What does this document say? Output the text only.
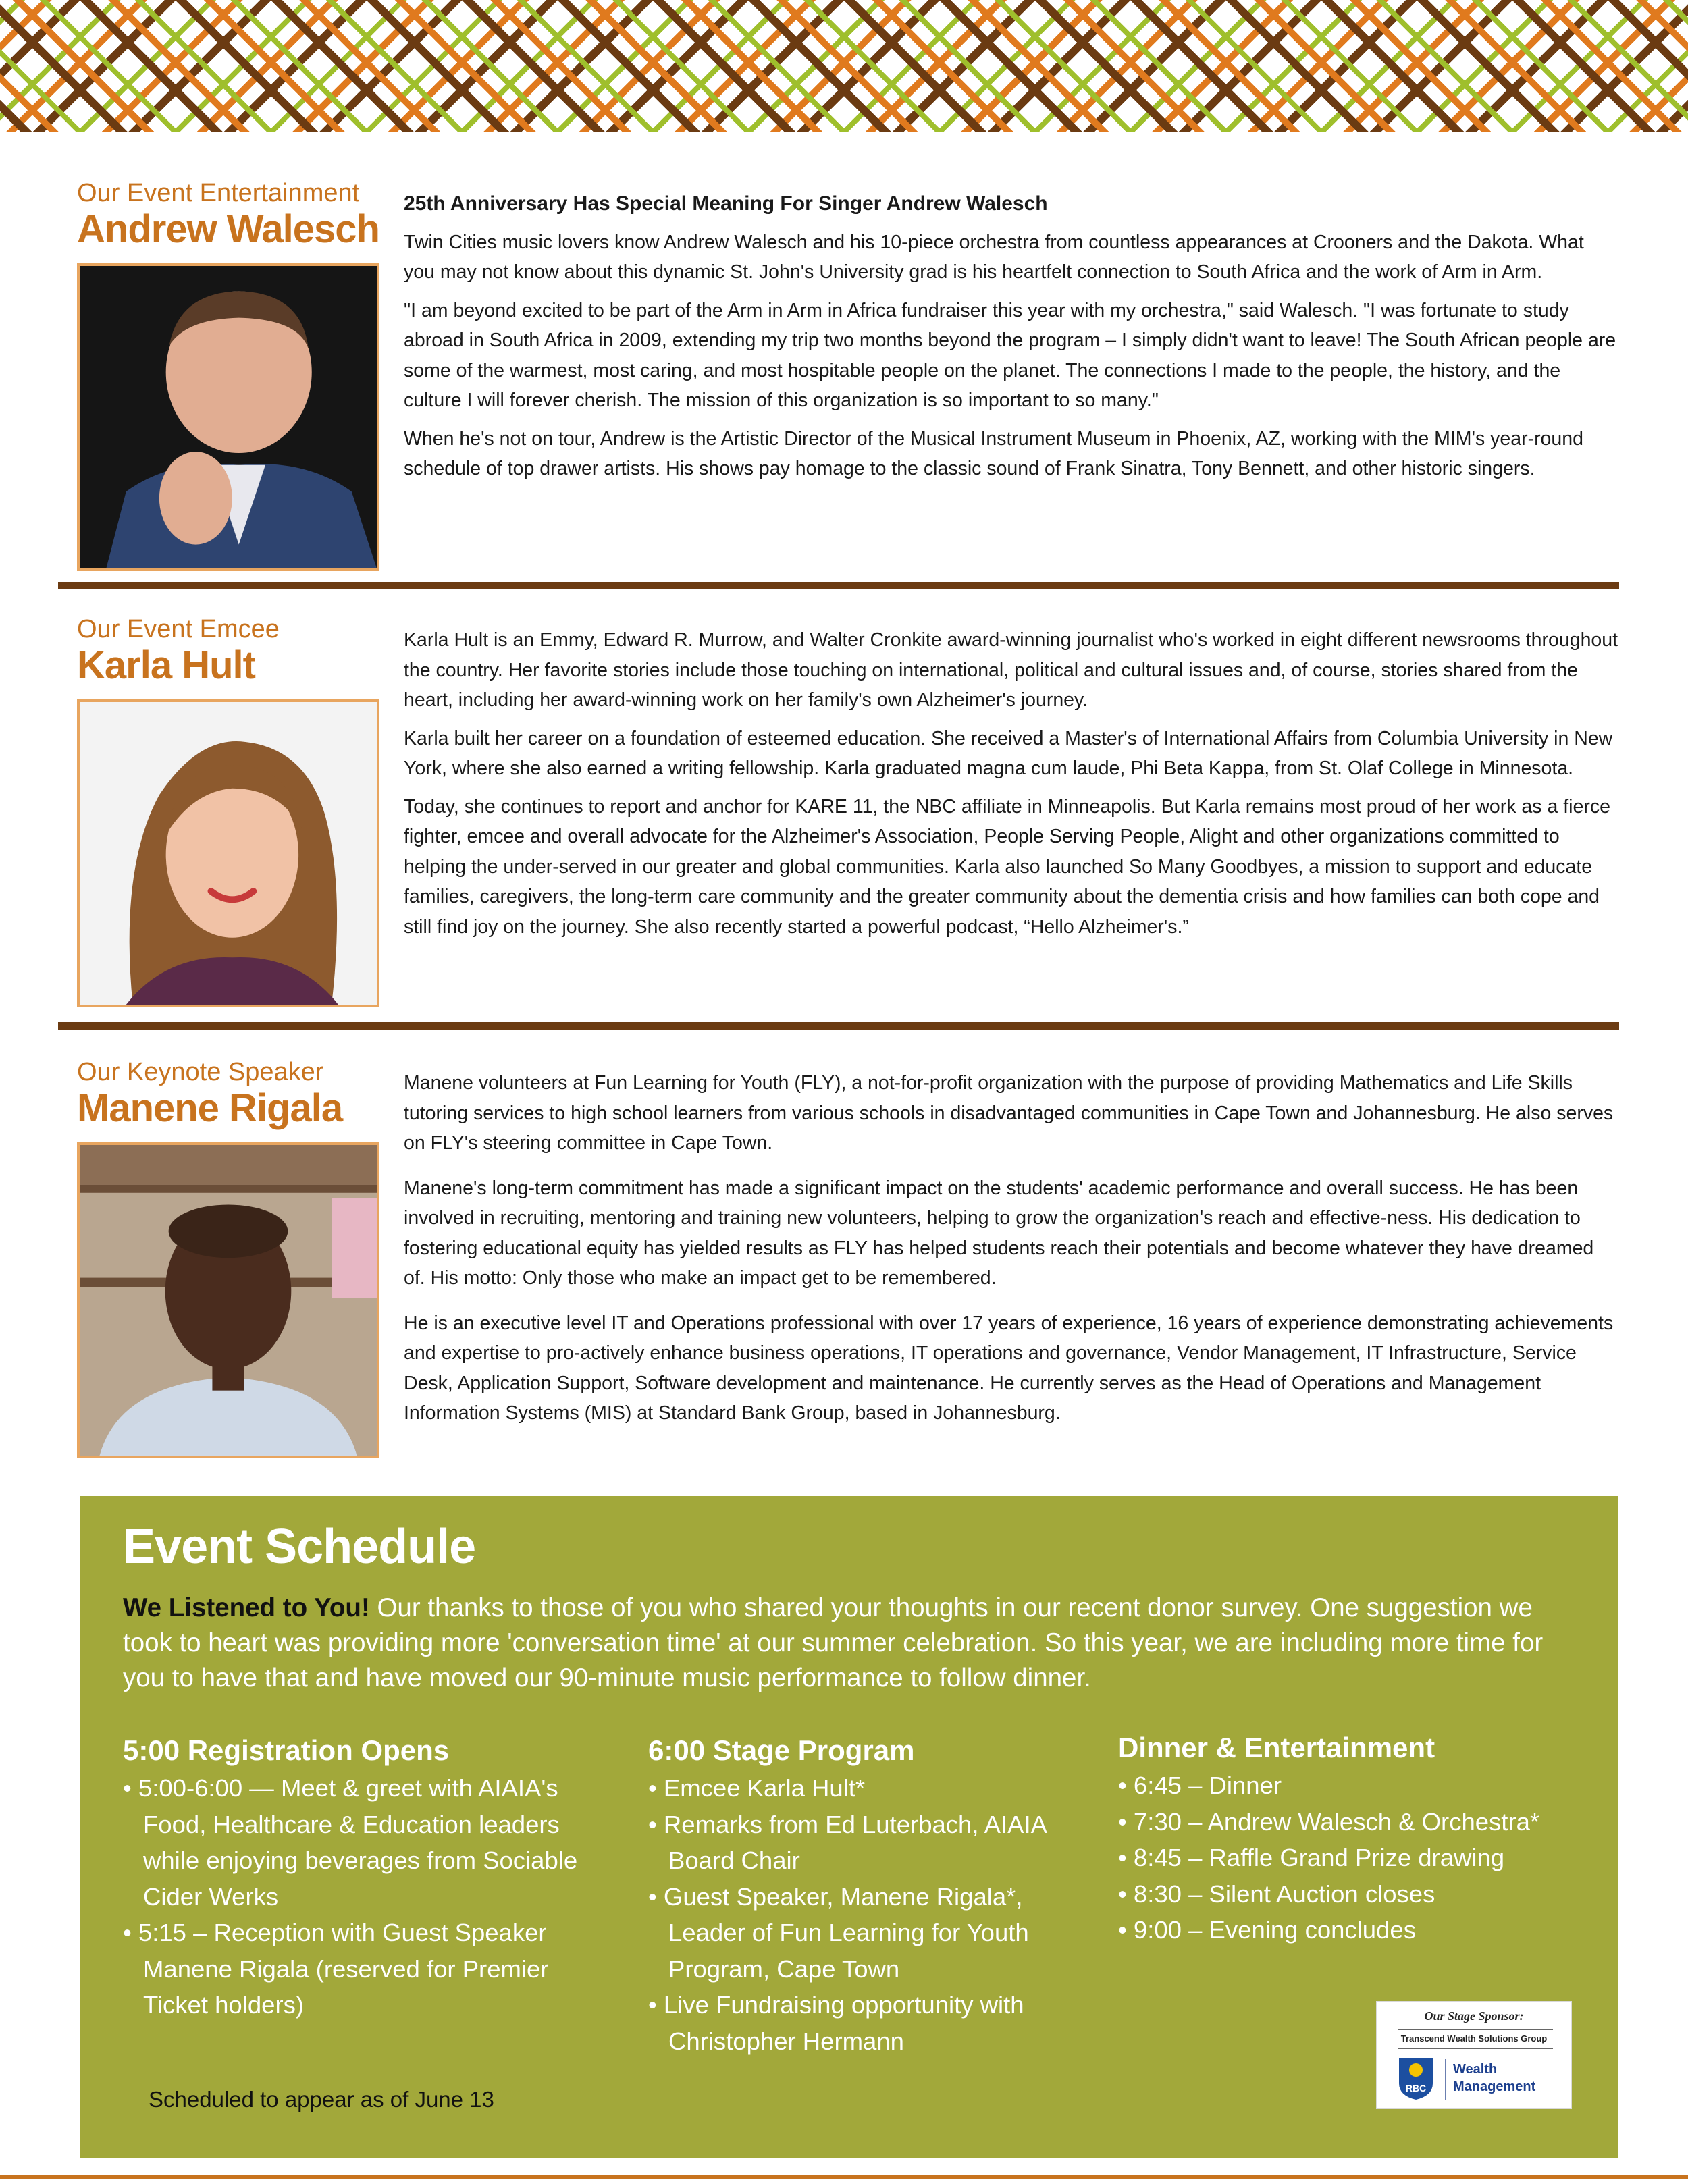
Our Event Entertainment
Andrew Walesch

25th Anniversary Has Special Meaning For Singer Andrew Walesch

Twin Cities music lovers know Andrew Walesch and his 10-piece orchestra from countless appearances at Crooners and the Dakota. What you may not know about this dynamic St. John's University grad is his heartfelt connection to South Africa and the work of Arm in Arm.

"I am beyond excited to be part of the Arm in Arm in Africa fundraiser this year with my orchestra," said Walesch. "I was fortunate to study abroad in South Africa in 2009, extending my trip two months beyond the program – I simply didn't want to leave! The South African people are some of the warmest, most caring, and most hospitable people on the planet. The connections I made to the people, the history, and the culture I will forever cherish. The mission of this organization is so important to so many."

When he's not on tour, Andrew is the Artistic Director of the Musical Instrument Museum in Phoenix, AZ, working with the MIM's year-round schedule of top drawer artists. His shows pay homage to the classic sound of Frank Sinatra, Tony Bennett, and other historic singers.

Our Event Emcee
Karla Hult

Karla Hult is an Emmy, Edward R. Murrow, and Walter Cronkite award-winning journalist who's worked in eight different newsrooms throughout the country. Her favorite stories include those touching on international, political and cultural issues and, of course, stories shared from the heart, including her award-winning work on her family's own Alzheimer's journey.

Karla built her career on a foundation of esteemed education. She received a Master's of International Affairs from Columbia University in New York, where she also earned a writing fellowship. Karla graduated magna cum laude, Phi Beta Kappa, from St. Olaf College in Minnesota.

Today, she continues to report and anchor for KARE 11, the NBC affiliate in Minneapolis. But Karla remains most proud of her work as a fierce fighter, emcee and overall advocate for the Alzheimer's Association, People Serving People, Alight and other organizations committed to helping the under-served in our greater and global communities. Karla also launched So Many Goodbyes, a mission to support and educate families, caregivers, the long-term care community and the greater community about the dementia crisis and how families can both cope and still find joy on the journey. She also recently started a powerful podcast, “Hello Alzheimer's.”

Our Keynote Speaker
Manene Rigala

Manene volunteers at Fun Learning for Youth (FLY), a not-for-profit organization with the purpose of providing Mathematics and Life Skills tutoring services to high school learners from various schools in disadvantaged communities in Cape Town and Johannesburg. He also serves on FLY's steering committee in Cape Town.

Manene's long-term commitment has made a significant impact on the students' academic performance and overall success. He has been involved in recruiting, mentoring and training new volunteers, helping to grow the organization's reach and effective-ness. His dedication to fostering educational equity has yielded results as FLY has helped students reach their potentials and become whatever they have dreamed of. His motto: Only those who make an impact get to be remembered.

He is an executive level IT and Operations professional with over 17 years of experience, 16 years of experience demonstrating achievements and expertise to pro-actively enhance business operations, IT operations and governance, Vendor Management, IT Infrastructure, Service Desk, Application Support, Software development and maintenance. He currently serves as the Head of Operations and Management Information Systems (MIS) at Standard Bank Group, based in Johannesburg.

Event Schedule
We Listened to You! Our thanks to those of you who shared your thoughts in our recent donor survey. One suggestion we took to heart was providing more 'conversation time' at our summer celebration. So this year, we are including more time for you to have that and have moved our 90-minute music performance to follow dinner.
5:00 Registration Opens
• 5:00-6:00 — Meet & greet with AIAIA's Food, Healthcare & Education leaders while enjoying beverages from Sociable Cider Werks
• 5:15 – Reception with Guest Speaker Manene Rigala (reserved for Premier Ticket holders)
6:00 Stage Program
• Emcee Karla Hult*
• Remarks from Ed Luterbach, AIAIA Board Chair
• Guest Speaker, Manene Rigala*, Leader of Fun Learning for Youth Program, Cape Town
• Live Fundraising opportunity with Christopher Hermann
Dinner & Entertainment
• 6:45 – Dinner
• 7:30 – Andrew Walesch & Orchestra*
• 8:45 – Raffle Grand Prize drawing
• 8:30 – Silent Auction closes
• 9:00 – Evening concludes
Scheduled to appear as of June 13
Our Stage Sponsor:
Transcend Wealth Solutions Group
RBC
Wealth
Management
